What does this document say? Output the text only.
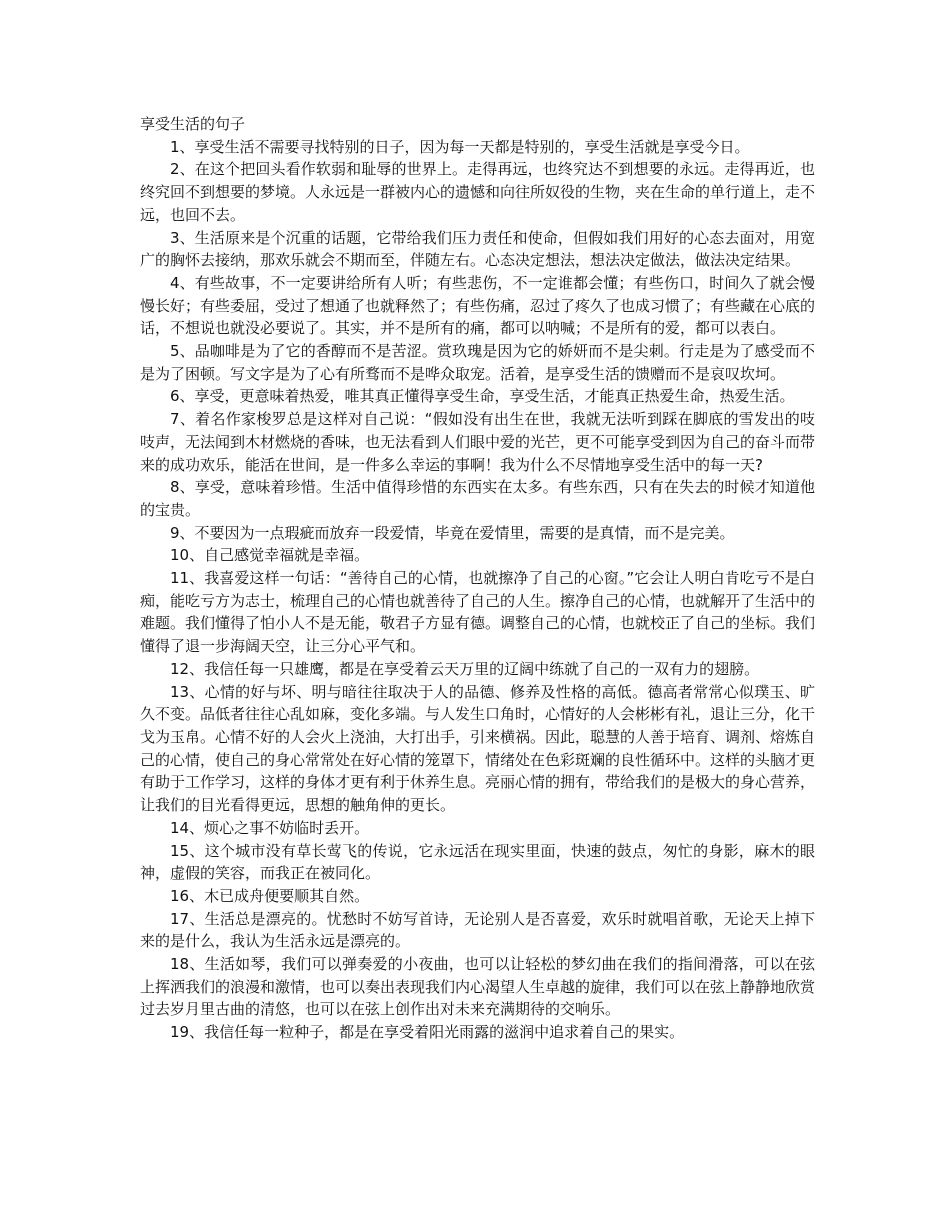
享受生活的句子

1、享受生活不需要寻找特别的日子，因为每一天都是特别的，享受生活就是享受今日。

2、在这个把回头看作软弱和耻辱的世界上。走得再远，也终究达不到想要的永远。走得再近，也终究回不到想要的梦境。人永远是一群被内心的遗憾和向往所奴役的生物，夹在生命的单行道上，走不远，也回不去。

3、生活原来是个沉重的话题，它带给我们压力责任和使命，但假如我们用好的心态去面对，用宽广的胸怀去接纳，那欢乐就会不期而至，伴随左右。心态决定想法，想法决定做法，做法决定结果。

4、有些故事，不一定要讲给所有人听；有些悲伤，不一定谁都会懂；有些伤口，时间久了就会慢慢长好；有些委屈，受过了想通了也就释然了；有些伤痛，忍过了疼久了也成习惯了；有些藏在心底的话，不想说也就没必要说了。其实，并不是所有的痛，都可以呐喊；不是所有的爱，都可以表白。

5、品咖啡是为了它的香醇而不是苦涩。赏玖瑰是因为它的娇妍而不是尖刺。行走是为了感受而不是为了困顿。写文字是为了心有所骛而不是哗众取宠。活着，是享受生活的馈赠而不是哀叹坎坷。

6、享受，更意味着热爱，唯其真正懂得享受生命，享受生活，才能真正热爱生命，热爱生活。

7、着名作家梭罗总是这样对自己说：“假如没有出生在世，我就无法听到踩在脚底的雪发出的吱吱声，无法闻到木材燃烧的香味，也无法看到人们眼中爱的光芒，更不可能享受到因为自己的奋斗而带来的成功欢乐，能活在世间，是一件多么幸运的事啊！我为什么不尽情地享受生活中的每一天?

8、享受，意味着珍惜。生活中值得珍惜的东西实在太多。有些东西，只有在失去的时候才知道他的宝贵。

9、不要因为一点瑕疵而放弃一段爱情，毕竟在爱情里，需要的是真情，而不是完美。

10、自己感觉幸福就是幸福。

11、我喜爱这样一句话：“善待自己的心情，也就擦净了自己的心窗。”它会让人明白肯吃亏不是白痴，能吃亏方为志士，梳理自己的心情也就善待了自己的人生。擦净自己的心情，也就解开了生活中的难题。我们懂得了怕小人不是无能，敬君子方显有德。调整自己的心情，也就校正了自己的坐标。我们懂得了退一步海阔天空，让三分心平气和。

12、我信任每一只雄鹰，都是在享受着云天万里的辽阔中练就了自己的一双有力的翅膀。

13、心情的好与坏、明与暗往往取决于人的品德、修养及性格的高低。德高者常常心似璞玉、旷久不变。品低者往往心乱如麻，变化多端。与人发生口角时，心情好的人会彬彬有礼，退让三分，化干戈为玉帛。心情不好的人会火上浇油，大打出手，引来横祸。因此，聪慧的人善于培育、调剂、熔炼自己的心情，使自己的身心常常处在好心情的笼罩下，情绪处在色彩斑斓的良性循环中。这样的头脑才更有助于工作学习，这样的身体才更有利于休养生息。亮丽心情的拥有，带给我们的是极大的身心营养，让我们的目光看得更远，思想的触角伸的更长。

14、烦心之事不妨临时丢开。

15、这个城市没有草长莺飞的传说，它永远活在现实里面，快速的鼓点，匆忙的身影，麻木的眼神，虚假的笑容，而我正在被同化。

16、木已成舟便要顺其自然。

17、生活总是漂亮的。忧愁时不妨写首诗，无论别人是否喜爱，欢乐时就唱首歌，无论天上掉下来的是什么，我认为生活永远是漂亮的。

18、生活如琴，我们可以弹奏爱的小夜曲，也可以让轻松的梦幻曲在我们的指间滑落，可以在弦上挥洒我们的浪漫和激情，也可以奏出表现我们内心渴望人生卓越的旋律，我们可以在弦上静静地欣赏过去岁月里古曲的清悠，也可以在弦上创作出对未来充满期待的交响乐。

19、我信任每一粒种子，都是在享受着阳光雨露的滋润中追求着自己的果实。
